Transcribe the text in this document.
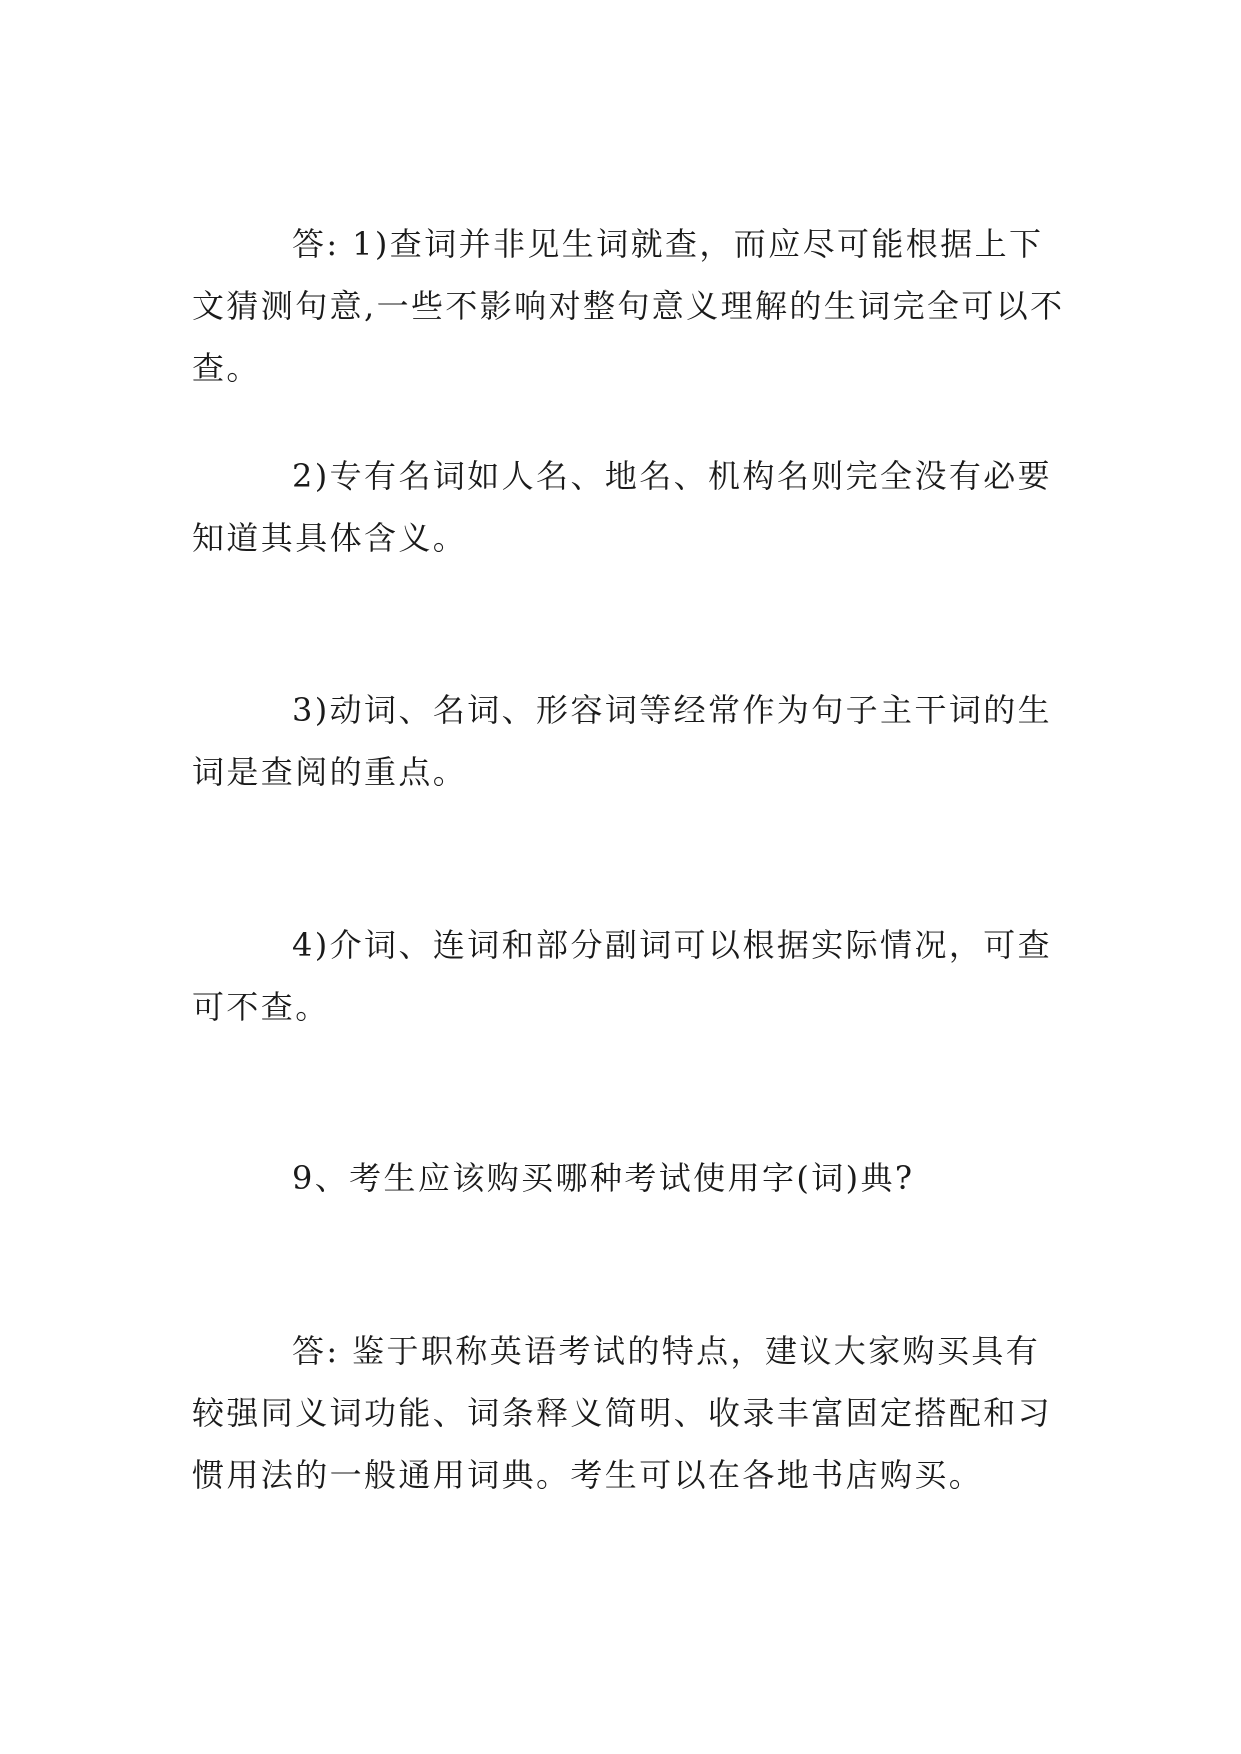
答: 1)查词并非见生词就查，而应尽可能根据上下文猜测句意,一些不影响对整句意义理解的生词完全可以不查。

2)专有名词如人名、地名、机构名则完全没有必要知道其具体含义。

3)动词、名词、形容词等经常作为句子主干词的生词是查阅的重点。

4)介词、连词和部分副词可以根据实际情况，可查可不查。

9、考生应该购买哪种考试使用字(词)典?

答: 鉴于职称英语考试的特点，建议大家购买具有较强同义词功能、词条释义简明、收录丰富固定搭配和习惯用法的一般通用词典。考生可以在各地书店购买。
